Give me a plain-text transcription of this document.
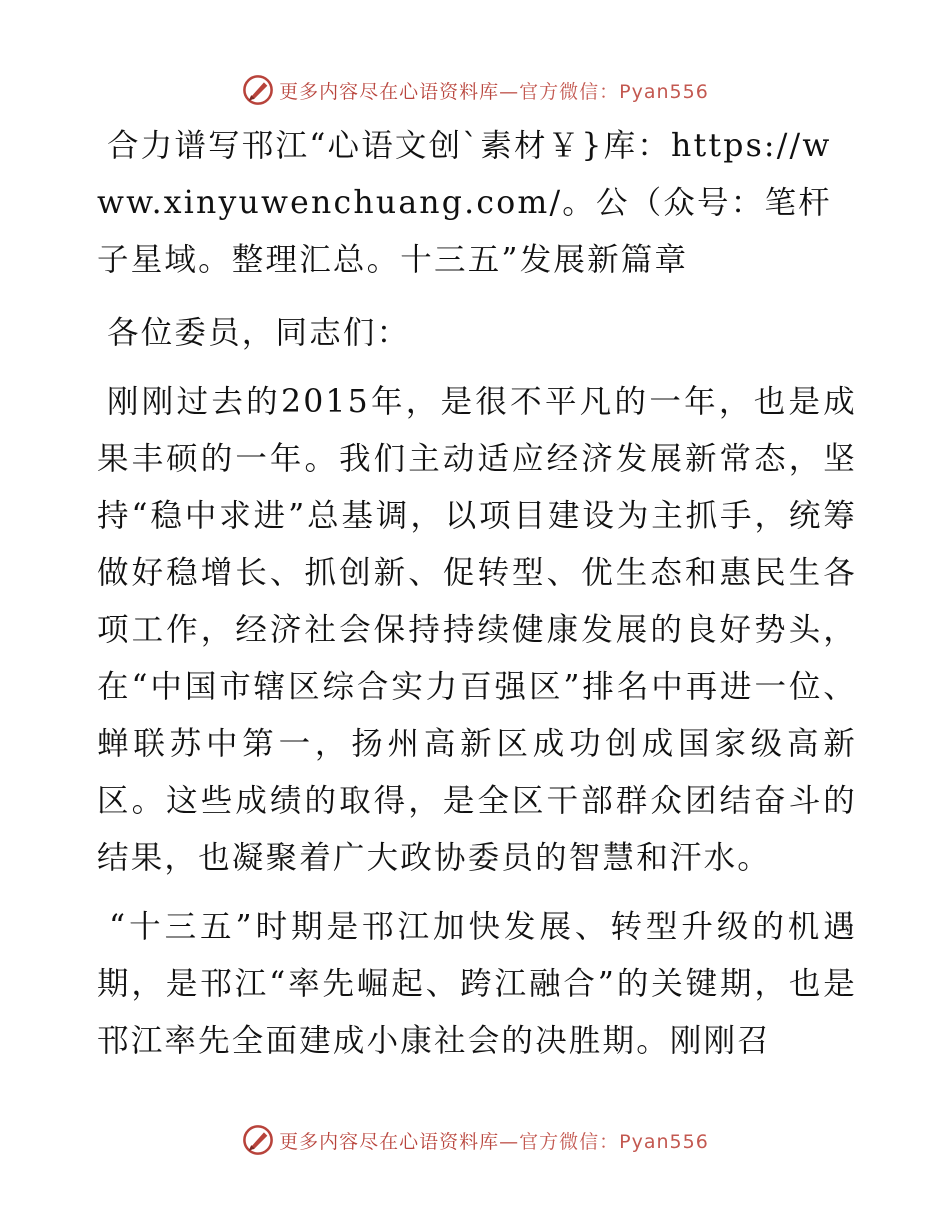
更多内容尽在心语资料库—官方微信：Pyan556

合力谱写邗江“心语文创`素材￥}库：https://www.xinyuwenchuang.com/。公（众号：笔杆子星域。整理汇总。十三五”发展新篇章

各位委员，同志们：

刚刚过去的2015年，是很不平凡的一年，也是成果丰硕的一年。我们主动适应经济发展新常态，坚持“稳中求进”总基调，以项目建设为主抓手，统筹做好稳增长、抓创新、促转型、优生态和惠民生各项工作，经济社会保持持续健康发展的良好势头，在“中国市辖区综合实力百强区”排名中再进一位、蝉联苏中第一，扬州高新区成功创成国家级高新区。这些成绩的取得，是全区干部群众团结奋斗的结果，也凝聚着广大政协委员的智慧和汗水。

“十三五”时期是邗江加快发展、转型升级的机遇期，是邗江“率先崛起、跨江融合”的关键期，也是邗江率先全面建成小康社会的决胜期。刚刚召

更多内容尽在心语资料库—官方微信：Pyan556
